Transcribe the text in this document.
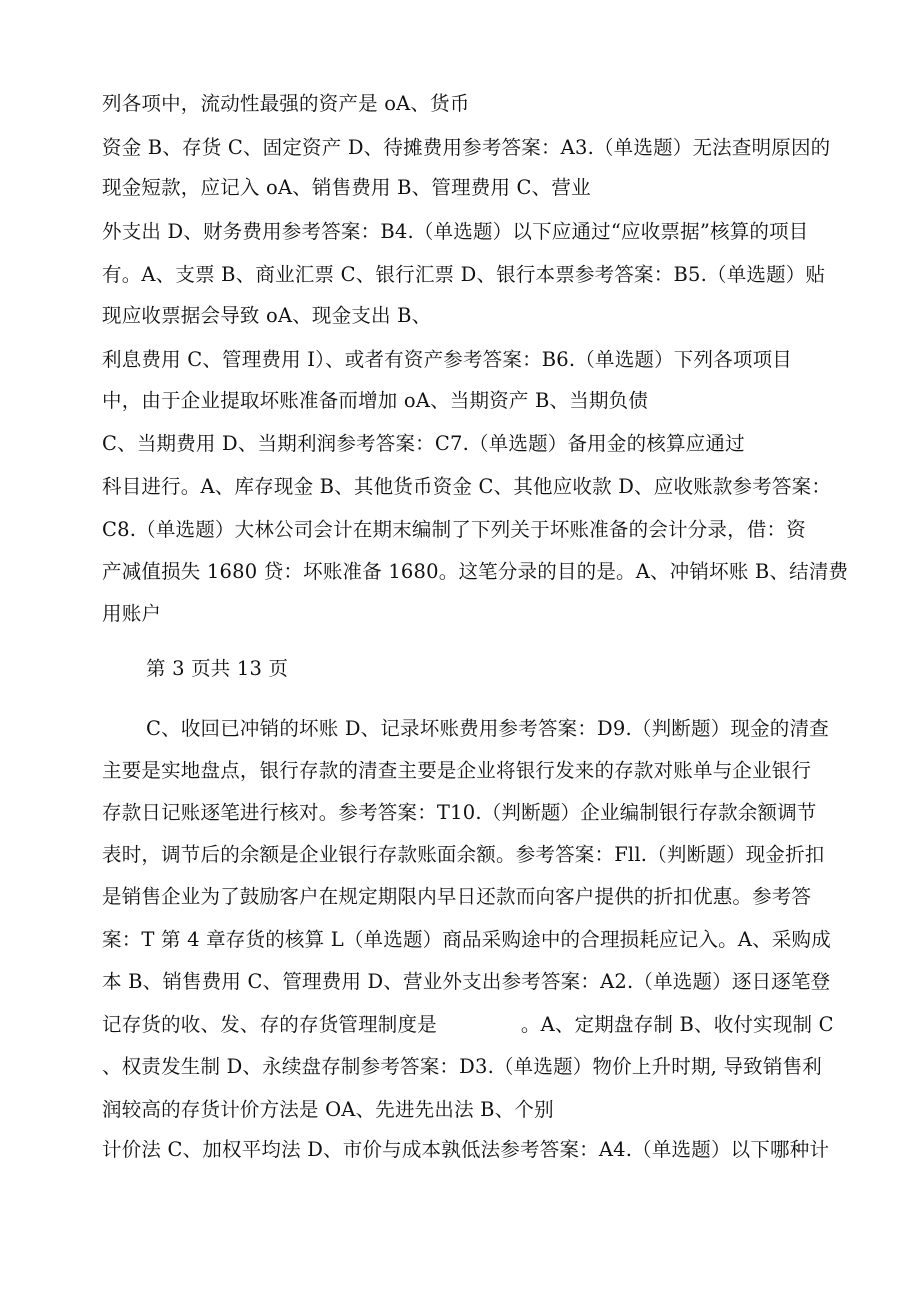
列各项中，流动性最强的资产是 oA、货币
资金 B、存货 C、固定资产 D、待摊费用参考答案：A3.（单选题）无法查明原因的
现金短款，应记入 oA、销售费用 B、管理费用 C、营业
外支出 D、财务费用参考答案：B4.（单选题）以下应通过“应收票据”核算的项目
有。A、支票 B、商业汇票 C、银行汇票 D、银行本票参考答案：B5.（单选题）贴
现应收票据会导致 oA、现金支出 B、
利息费用 C、管理费用 I）、或者有资产参考答案：B6.（单选题）下列各项项目
中，由于企业提取坏账准备而增加 oA、当期资产 B、当期负债
C、当期费用 D、当期利润参考答案：C7.（单选题）备用金的核算应通过
科目进行。A、库存现金 B、其他货币资金 C、其他应收款 D、应收账款参考答案：
C8.（单选题）大林公司会计在期末编制了下列关于坏账准备的会计分录，借：资
产减值损失 1680 贷：坏账准备 1680。这笔分录的目的是。A、冲销坏账 B、结清费
用账户
第 3 页共 13 页
C、收回已冲销的坏账 D、记录坏账费用参考答案：D9.（判断题）现金的清查
主要是实地盘点，银行存款的清查主要是企业将银行发来的存款对账单与企业银行
存款日记账逐笔进行核对。参考答案：T10.（判断题）企业编制银行存款余额调节
表时，调节后的余额是企业银行存款账面余额。参考答案：Fll.（判断题）现金折扣
是销售企业为了鼓励客户在规定期限内早日还款而向客户提供的折扣优惠。参考答
案：T 第 4 章存货的核算 L（单选题）商品采购途中的合理损耗应记入。A、采购成
本 B、销售费用 C、管理费用 D、营业外支出参考答案：A2.（单选题）逐日逐笔登
记存货的收、发、存的存货管理制度是	。A、定期盘存制 B、收付实现制 C
、权责发生制 D、永续盘存制参考答案：D3.（单选题）物价上升时期, 导致销售利
润较高的存货计价方法是 OA、先进先出法 B、个别
计价法 C、加权平均法 D、市价与成本孰低法参考答案：A4.（单选题）以下哪种计
